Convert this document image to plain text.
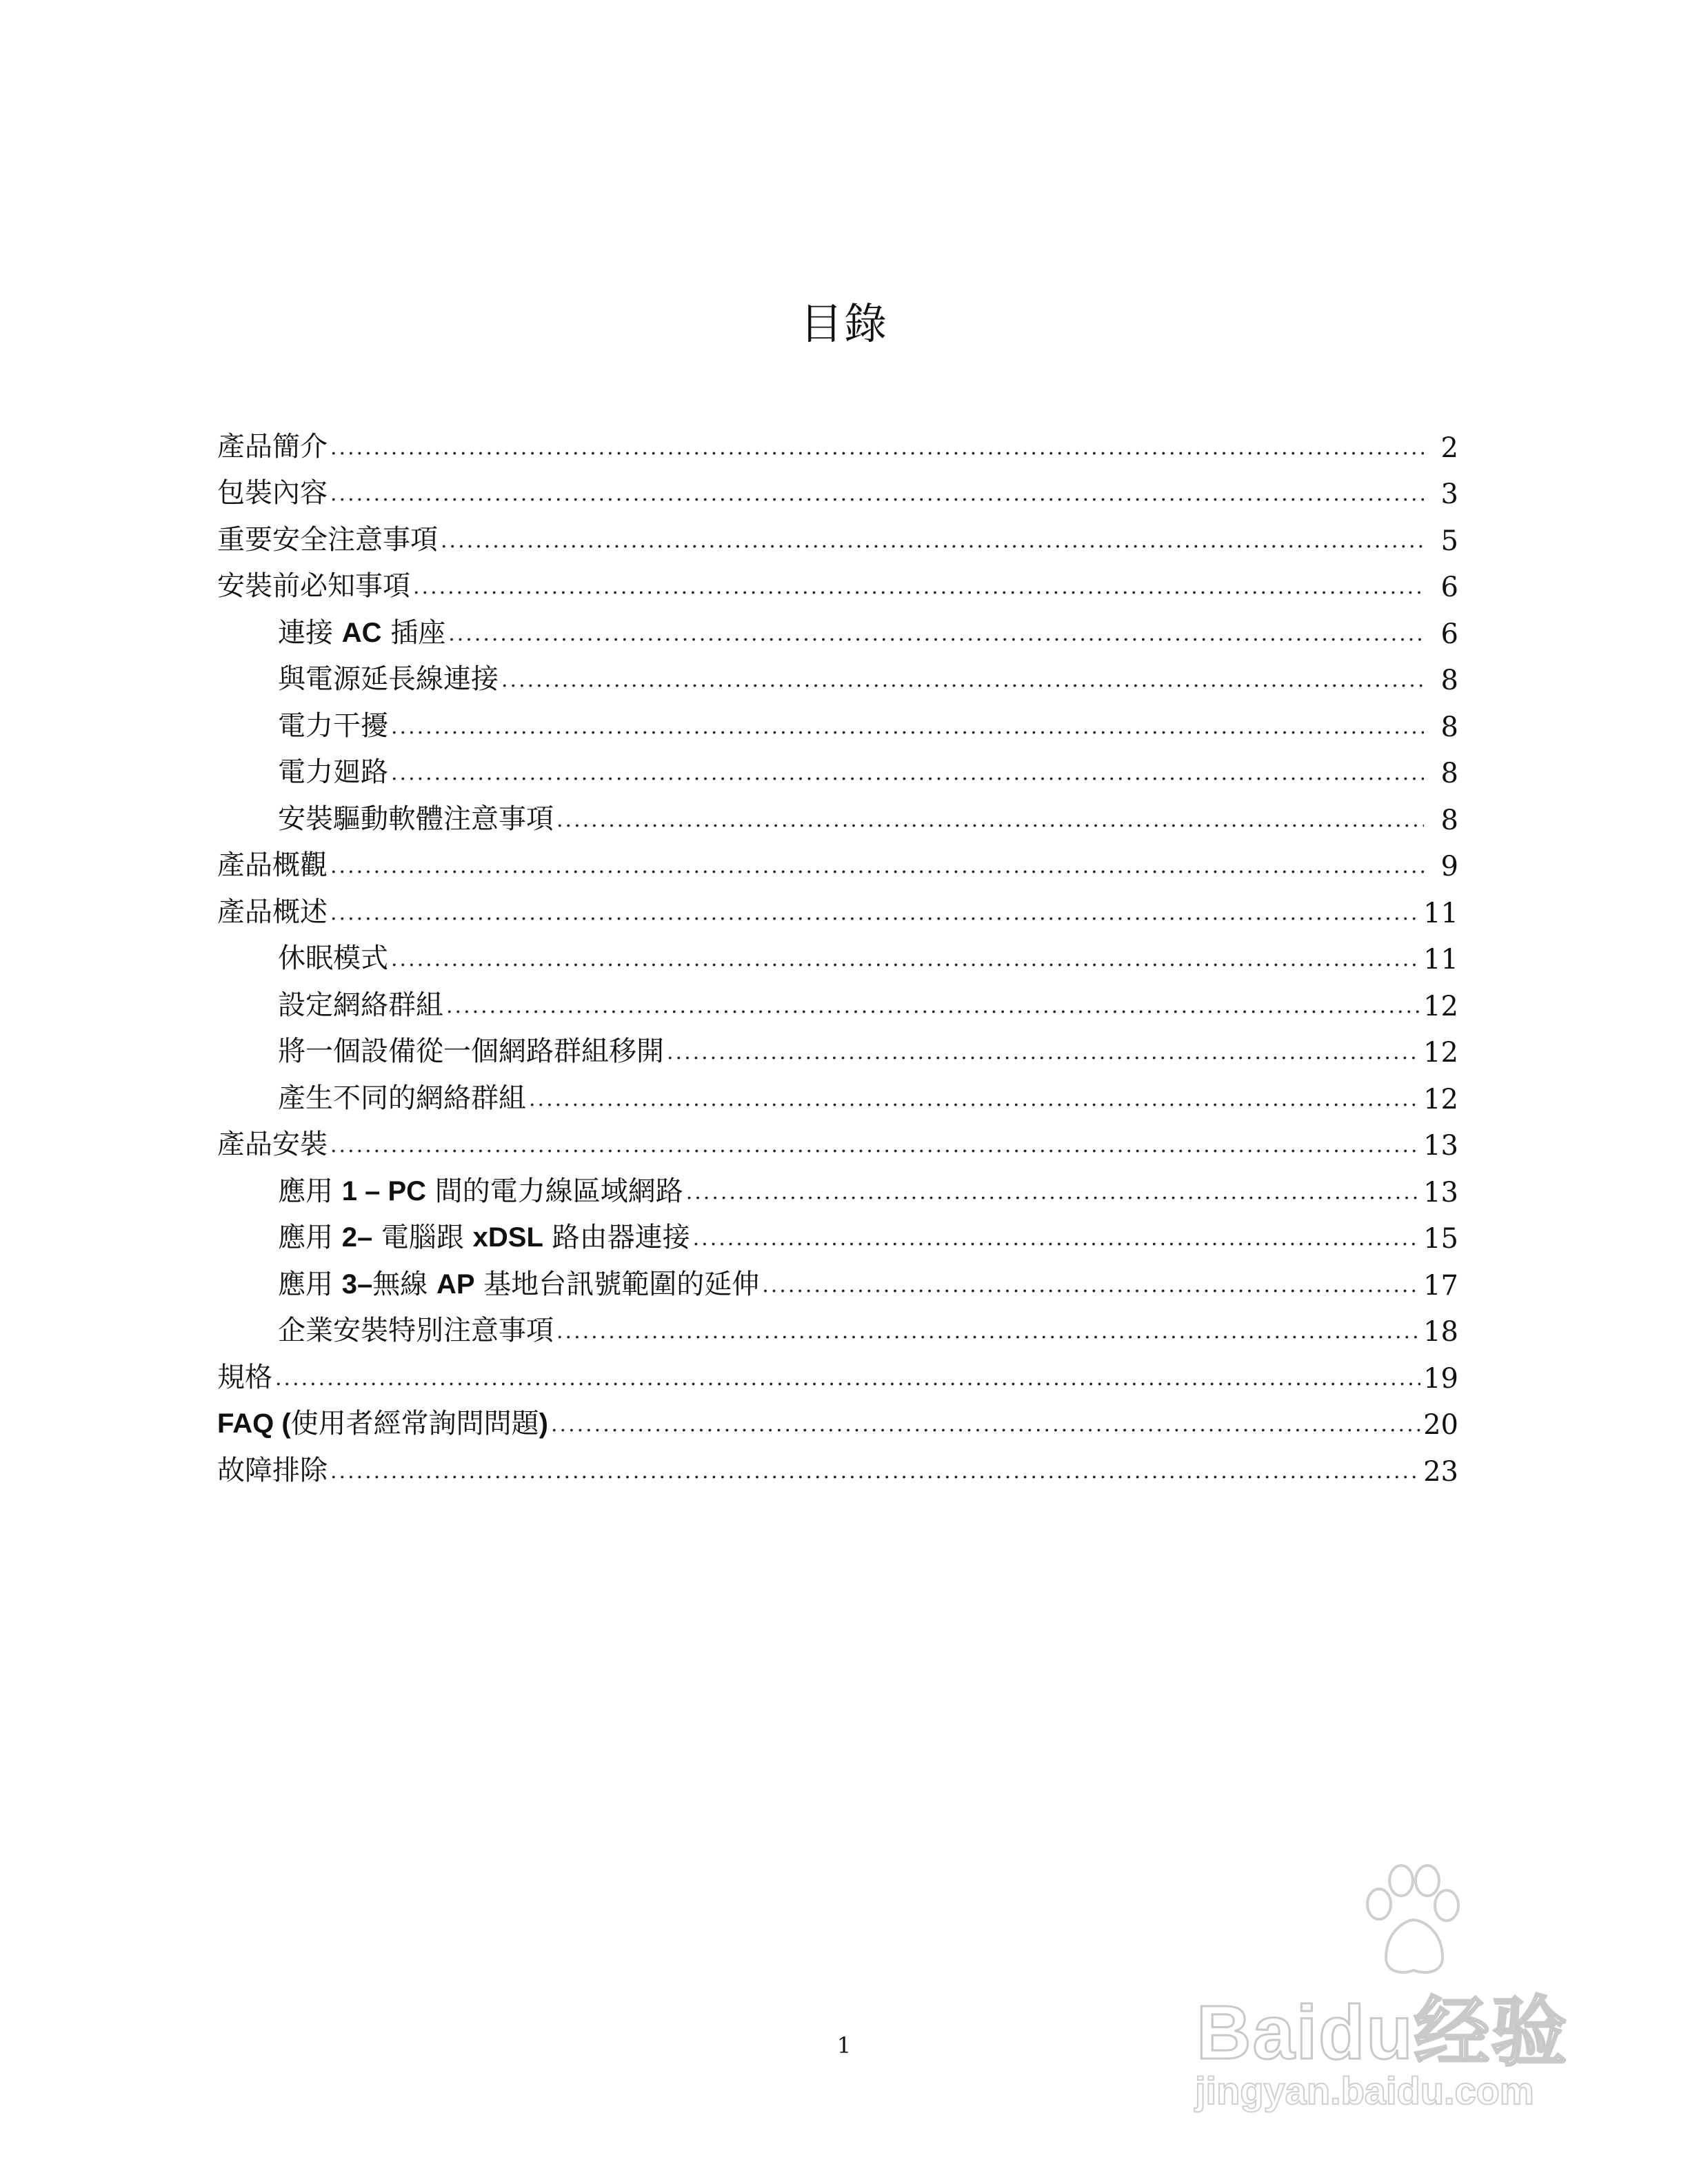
目錄
產品簡介 .....	2
包裝內容 .....	3
重要安全注意事項 .....	5
安裝前必知事項 .....	6
連接 AC 插座 .....	6
與電源延長線連接 .....	8
電力干擾 .....	8
電力廻路 .....	8
安裝驅動軟體注意事項 .....	8
產品概觀 .....	9
產品概述 .....	11
休眠模式 .....	11
設定網絡群組 .....	12
將一個設備從一個網路群組移開 .....	12
產生不同的網絡群組 .....	12
產品安裝 .....	13
應用 1 – PC 間的電力線區域網路 .....	13
應用 2– 電腦跟 xDSL 路由器連接 .....	15
應用 3–無線 AP 基地台訊號範圍的延伸 .....	17
企業安裝特別注意事項 .....	18
規格 .....	19
FAQ (使用者經常詢問問題) .....	20
故障排除 .....	23
1	Baidu经验
jingyan.baidu.com
